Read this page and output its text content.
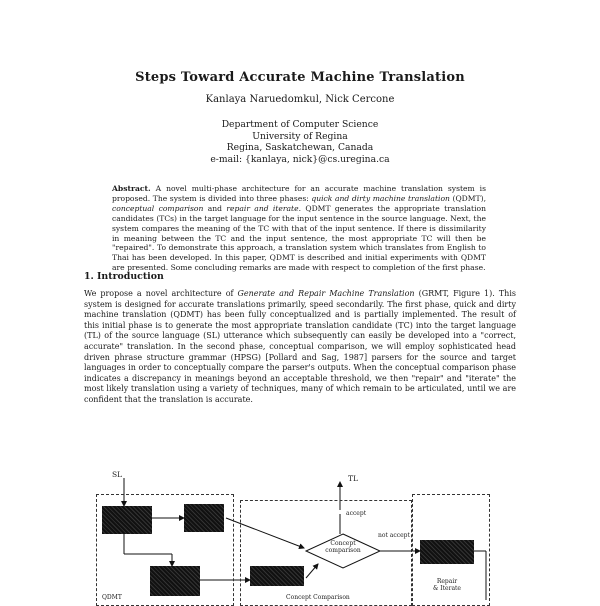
Steps Toward Accurate Machine Translation
Kanlaya Naruedomkul, Nick Cercone
Department of Computer Science
University of Regina
Regina, Saskatchewan, Canada
e-mail: {kanlaya, nick}@cs.uregina.ca
Abstract. A novel multi-phase architecture for an accurate machine translation system is proposed. The system is divided into three phases: quick and dirty machine translation (QDMT), conceptual comparison and repair and iterate. QDMT generates the appropriate translation candidates (TCs) in the target language for the input sentence in the source language. Next, the system compares the meaning of the TC with that of the input sentence. If there is dissimilarity in meaning between the TC and the input sentence, the most appropriate TC will then be "repaired". To demonstrate this approach, a translation system which translates from English to Thai has been developed. In this paper, QDMT is described and initial experiments with QDMT are presented. Some concluding remarks are made with respect to completion of the first phase.
1. Introduction
We propose a novel architecture of Generate and Repair Machine Translation (GRMT, Figure 1). This system is designed for accurate translations primarily, speed secondarily. The first phase, quick and dirty machine translation (QDMT) has been fully conceptualized and is partially implemented. The result of this initial phase is to generate the most appropriate translation candidate (TC) into the target language (TL) of the source language (SL) utterance which subsequently can easily be developed into a "correct, accurate" translation. In the second phase, conceptual comparison, we will employ sophisticated head driven phrase structure grammar (HPSG) [Pollard and Sag, 1987] parsers for the source and target languages in order to conceptually compare the parser's outputs. When the conceptual comparison phase indicates a discrepancy in meanings beyond an acceptable threshold, we then "repair" and "iterate" the most likely translation using a variety of techniques, many of which remain to be articulated, until we are confident that the translation is accurate.
SL	TL
accept
not accept
Concept
comparison
Repair
& Iterate
QDMT	Concept Comparison
